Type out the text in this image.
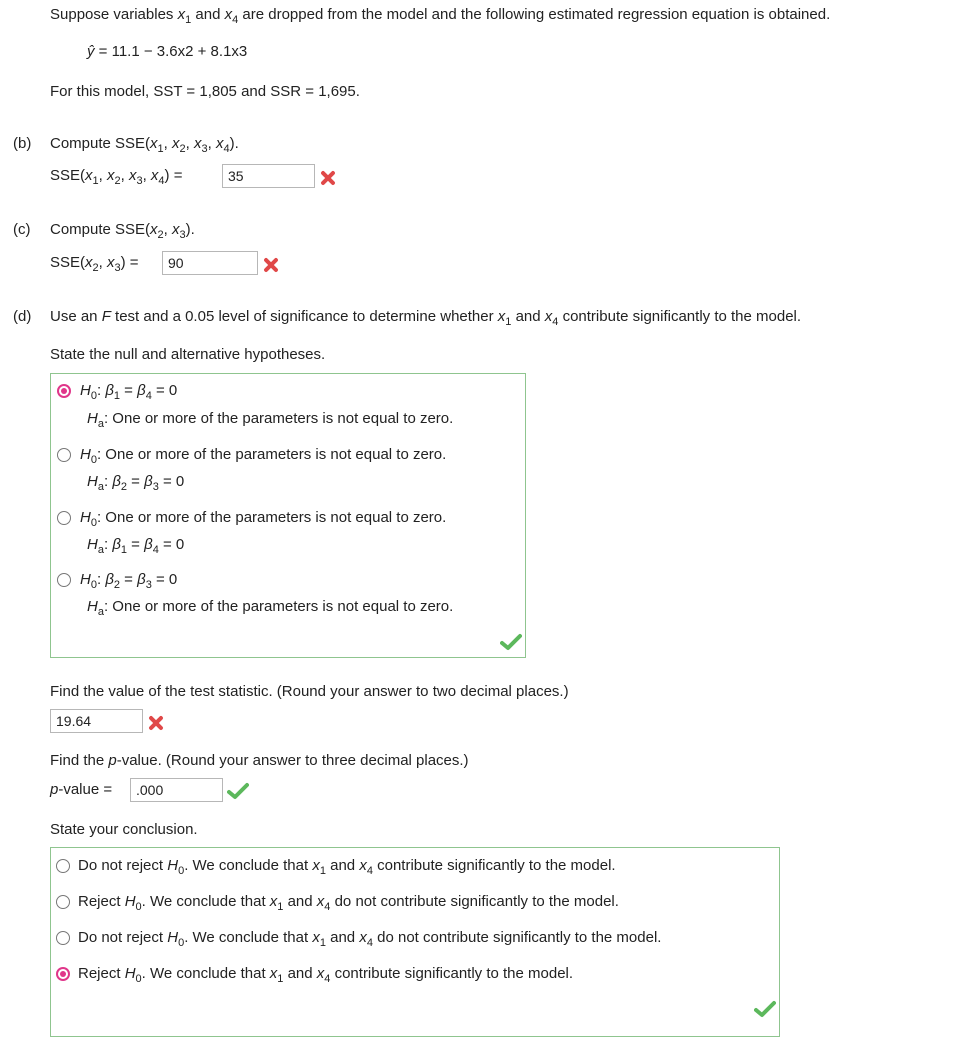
Suppose variables $x_1$ and $x_4$ are dropped from the model and the following estimated regression equation is obtained.
ŷ = 11.1 − 3.6x2 + 8.1x3
For this model, SST = 1,805 and SSR = 1,695.
(b) Compute $SSE(x_1$, $x_2$, $x_3$, $x_4$).
$SSE(x_1$, $x_2$, $x_3$, $x_4$) =
35
(c) Compute $SSE(x_2$, $x_3$).
$SSE(x_2$, $x_3$) =
90
(d) Use an F test and a 0.05 level of significance to determine whether $x_1$ and $x_4$ contribute significantly to the model.
State the null and alternative hypotheses.
$H_0$: $\beta_1 = \beta_4 = 0$
$H_a$: One or more of the parameters is not equal to zero.
$H_0$: One or more of the parameters is not equal to zero.
$H_a$: $\beta_2 = \beta_3 = 0$
$H_0$: One or more of the parameters is not equal to zero.
$H_a$: $\beta_1 = \beta_4 = 0$
$H_0$: $\beta_2 = \beta_3 = 0$
$H_a$: One or more of the parameters is not equal to zero.
Find the value of the test statistic. (Round your answer to two decimal places.)
19.64
Find the p-value. (Round your answer to three decimal places.)
p-value =
.000
State your conclusion.
Do not reject $H_0$. We conclude that $x_1$ and $x_4$ contribute significantly to the model.
Reject $H_0$. We conclude that $x_1$ and $x_4$ do not contribute significantly to the model.
Do not reject $H_0$. We conclude that $x_1$ and $x_4$ do not contribute significantly to the model.
Reject $H_0$. We conclude that $x_1$ and $x_4$ contribute significantly to the model.
